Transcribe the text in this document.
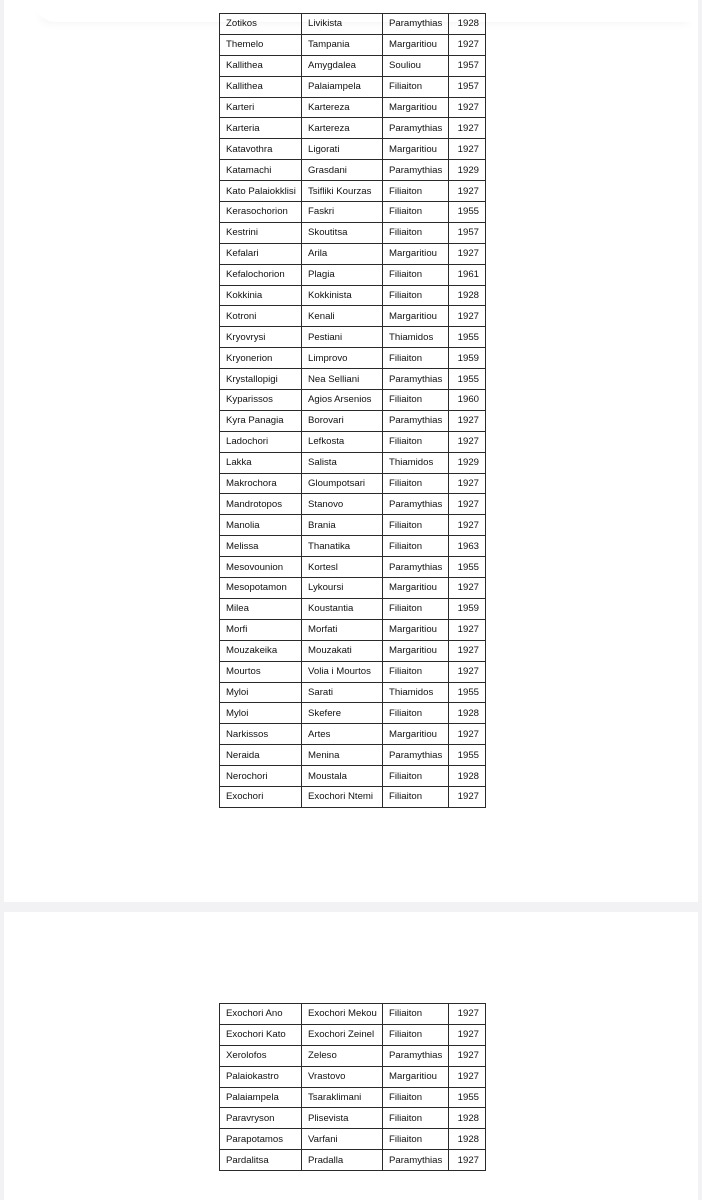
Zotikos	Livikista	Paramythias	1928
Themelo	Tampania	Margaritiou	1927
Kallithea	Amygdalea	Souliou	1957
Kallithea	Palaiampela	Filiaiton	1957
Karteri	Kartereza	Margaritiou	1927
Karteria	Kartereza	Paramythias	1927
Katavothra	Ligorati	Margaritiou	1927
Katamachi	Grasdani	Paramythias	1929
Kato Palaiokklisi	Tsifliki Kourzas	Filiaiton	1927
Kerasochorion	Faskri	Filiaiton	1955
Kestrini	Skoutitsa	Filiaiton	1957
Kefalari	Arila	Margaritiou	1927
Kefalochorion	Plagia	Filiaiton	1961
Kokkinia	Kokkinista	Filiaiton	1928
Kotroni	Kenali	Margaritiou	1927
Kryovrysi	Pestiani	Thiamidos	1955
Kryonerion	Limprovo	Filiaiton	1959
Krystallopigi	Nea Selliani	Paramythias	1955
Kyparissos	Agios Arsenios	Filiaiton	1960
Kyra Panagia	Borovari	Paramythias	1927
Ladochori	Lefkosta	Filiaiton	1927
Lakka	Salista	Thiamidos	1929
Makrochora	Gloumpotsari	Filiaiton	1927
Mandrotopos	Stanovo	Paramythias	1927
Manolia	Brania	Filiaiton	1927
Melissa	Thanatika	Filiaiton	1963
Mesovounion	Kortesl	Paramythias	1955
Mesopotamon	Lykoursi	Margaritiou	1927
Milea	Koustantia	Filiaiton	1959
Morfi	Morfati	Margaritiou	1927
Mouzakeika	Mouzakati	Margaritiou	1927
Mourtos	Volia i Mourtos	Filiaiton	1927
Myloi	Sarati	Thiamidos	1955
Myloi	Skefere	Filiaiton	1928
Narkissos	Artes	Margaritiou	1927
Neraida	Menina	Paramythias	1955
Nerochori	Moustala	Filiaiton	1928
Exochori	Exochori Ntemi	Filiaiton	1927
Exochori Ano	Exochori Mekou	Filiaiton	1927
Exochori Kato	Exochori Zeinel	Filiaiton	1927
Xerolofos	Zeleso	Paramythias	1927
Palaiokastro	Vrastovo	Margaritiou	1927
Palaiampela	Tsaraklimani	Filiaiton	1955
Paravryson	Plisevista	Filiaiton	1928
Parapotamos	Varfani	Filiaiton	1928
Pardalitsa	Pradalla	Paramythias	1927
